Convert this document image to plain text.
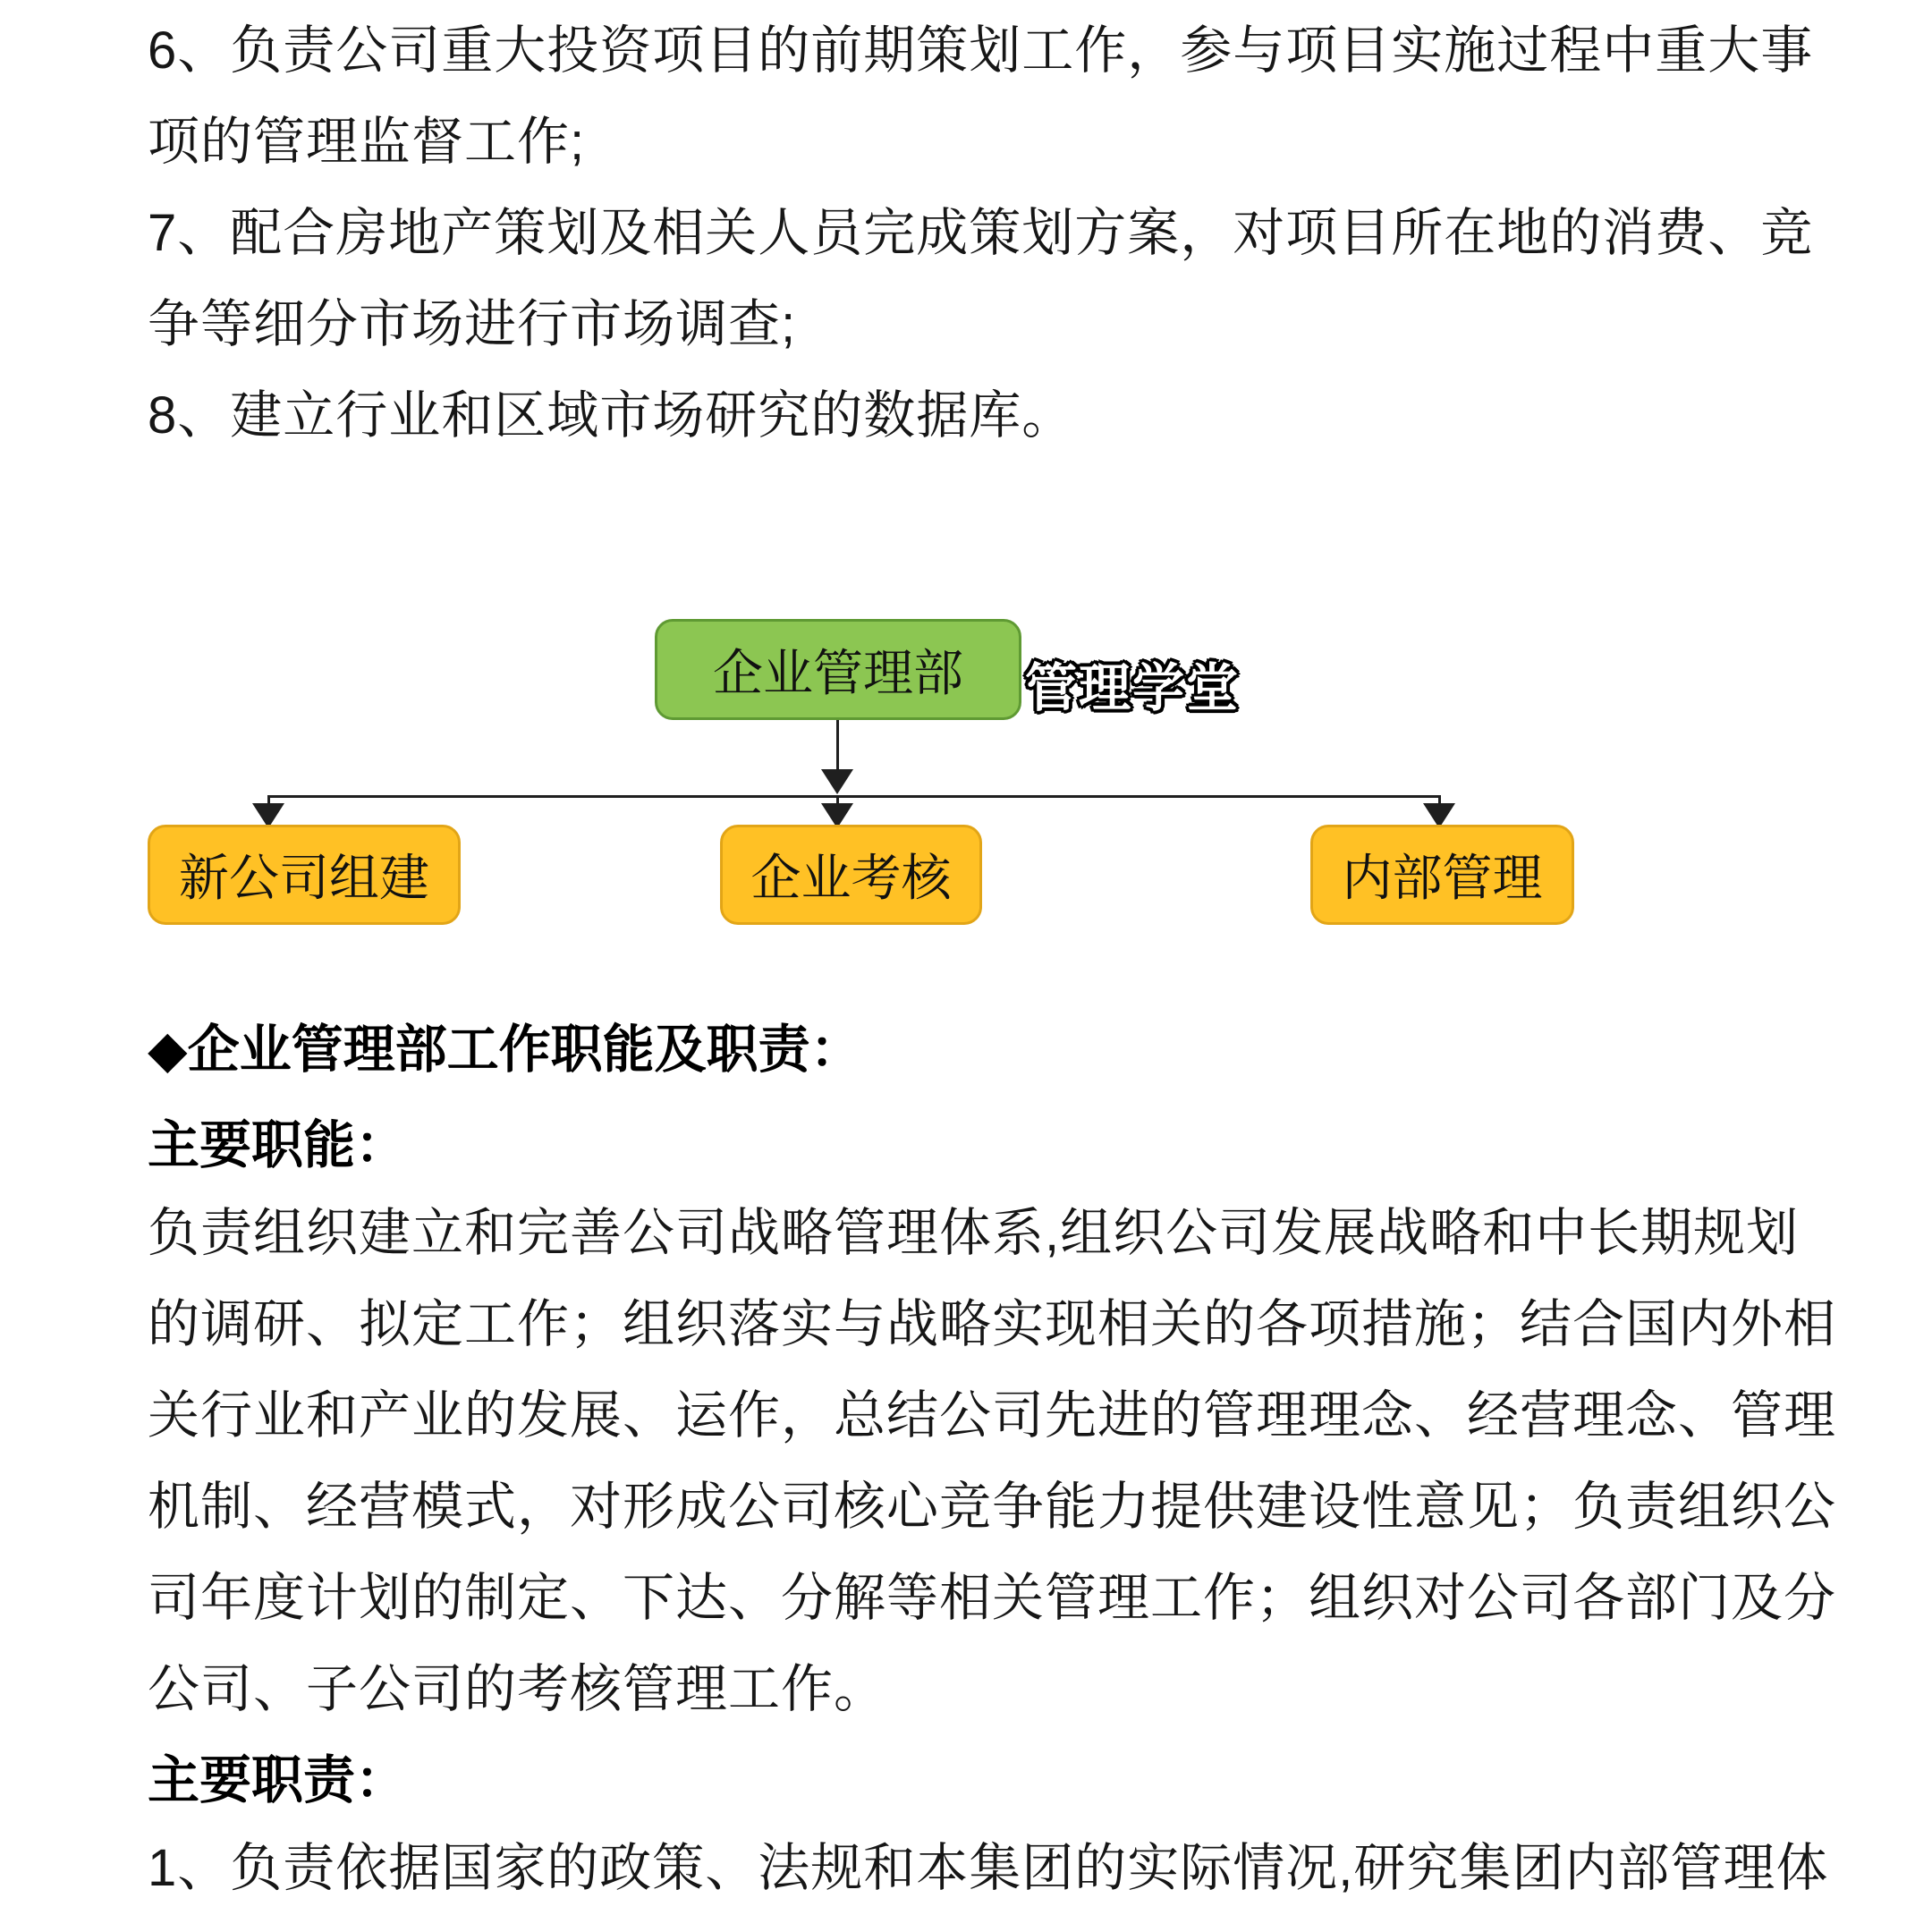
6、负责公司重大投资项目的前期策划工作，参与项目实施过程中重大事
项的管理监督工作;
7、配合房地产策划及相关人员完成策划方案，对项目所在地的消费、竞
争等细分市场进行市场调查;
8、建立行业和区域市场研究的数据库。
企业管理部 管理学堂
新公司组建	企业考核	内部管理
◆企业管理部工作职能及职责：
主要职能：
负责组织建立和完善公司战略管理体系,组织公司发展战略和中长期规划
的调研、拟定工作；组织落实与战略实现相关的各项措施；结合国内外相
关行业和产业的发展、运作，总结公司先进的管理理念、经营理念、管理
机制、经营模式，对形成公司核心竞争能力提供建设性意见；负责组织公
司年度计划的制定、下达、分解等相关管理工作；组织对公司各部门及分
公司、子公司的考核管理工作。
主要职责：
1、负责依据国家的政策、法规和本集团的实际情况,研究集团内部管理体
